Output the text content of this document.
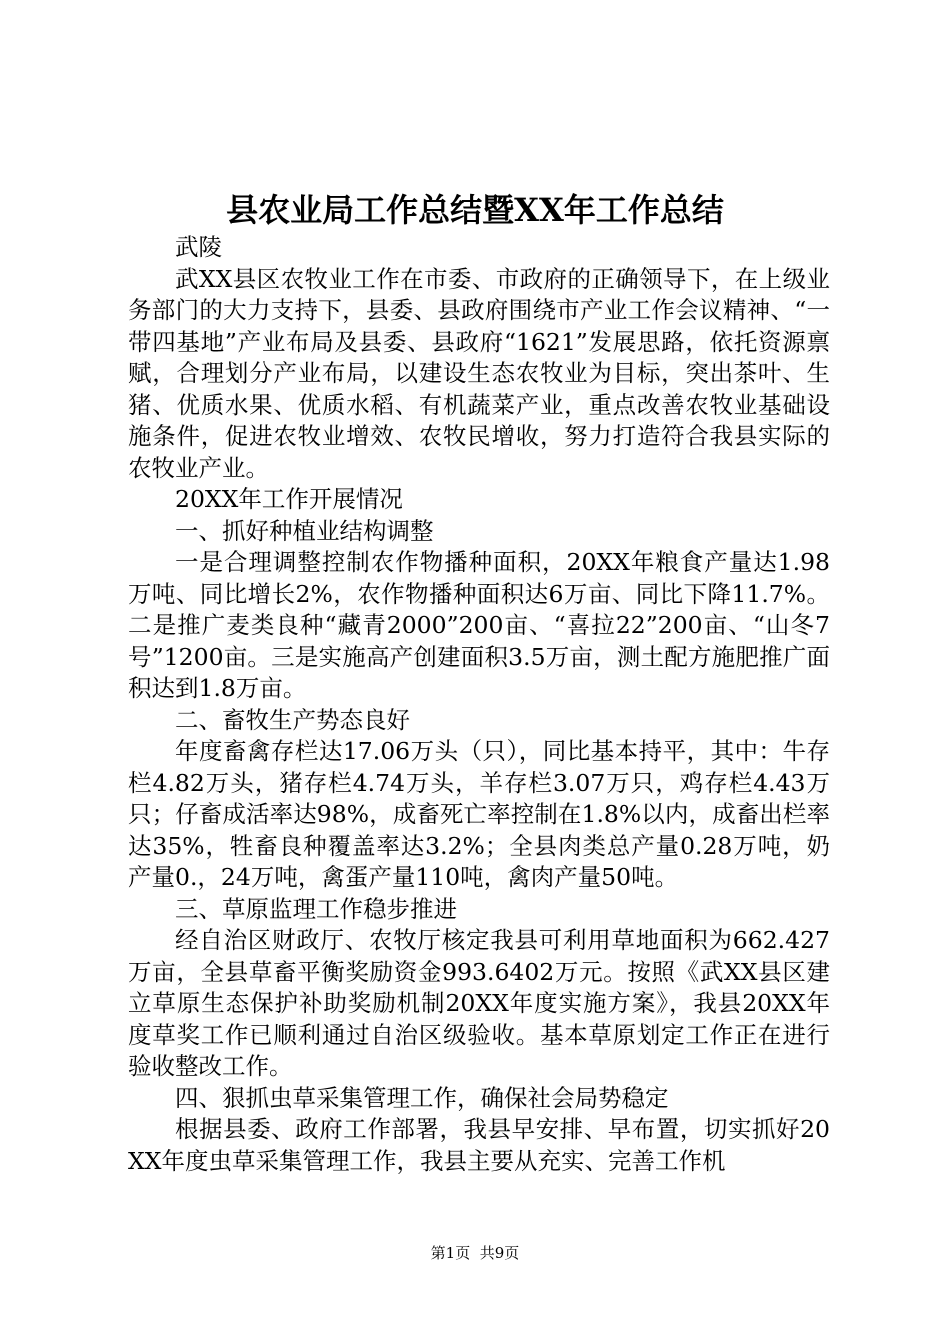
县农业局工作总结暨XX年工作总结

武陵

武XX县区农牧业工作在市委、市政府的正确领导下，在上级业务部门的大力支持下，县委、县政府围绕市产业工作会议精神、“一带四基地”产业布局及县委、县政府“1621”发展思路，依托资源禀赋，合理划分产业布局，以建设生态农牧业为目标，突出茶叶、生猪、优质水果、优质水稻、有机蔬菜产业，重点改善农牧业基础设施条件，促进农牧业增效、农牧民增收，努力打造符合我县实际的农牧业产业。

20XX年工作开展情况

一、抓好种植业结构调整

一是合理调整控制农作物播种面积，20XX年粮食产量达1.98万吨、同比增长2%，农作物播种面积达6万亩、同比下降11.7%。二是推广麦类良种“藏青2000”200亩、“喜拉22”200亩、“山冬7号”1200亩。三是实施高产创建面积3.5万亩，测土配方施肥推广面积达到1.8万亩。

二、畜牧生产势态良好

年度畜禽存栏达17.06万头（只），同比基本持平，其中：牛存栏4.82万头，猪存栏4.74万头，羊存栏3.07万只，鸡存栏4.43万只；仔畜成活率达98%，成畜死亡率控制在1.8%以内，成畜出栏率达35%，牲畜良种覆盖率达3.2%；全县肉类总产量0.28万吨，奶产量0.，24万吨，禽蛋产量110吨，禽肉产量50吨。

三、草原监理工作稳步推进

经自治区财政厅、农牧厅核定我县可利用草地面积为662.427万亩，全县草畜平衡奖励资金993.6402万元。按照《武XX县区建立草原生态保护补助奖励机制20XX年度实施方案》，我县20XX年度草奖工作已顺利通过自治区级验收。基本草原划定工作正在进行验收整改工作。

四、狠抓虫草采集管理工作，确保社会局势稳定

根据县委、政府工作部署，我县早安排、早布置，切实抓好20XX年度虫草采集管理工作，我县主要从充实、完善工作机

第1页 共9页
